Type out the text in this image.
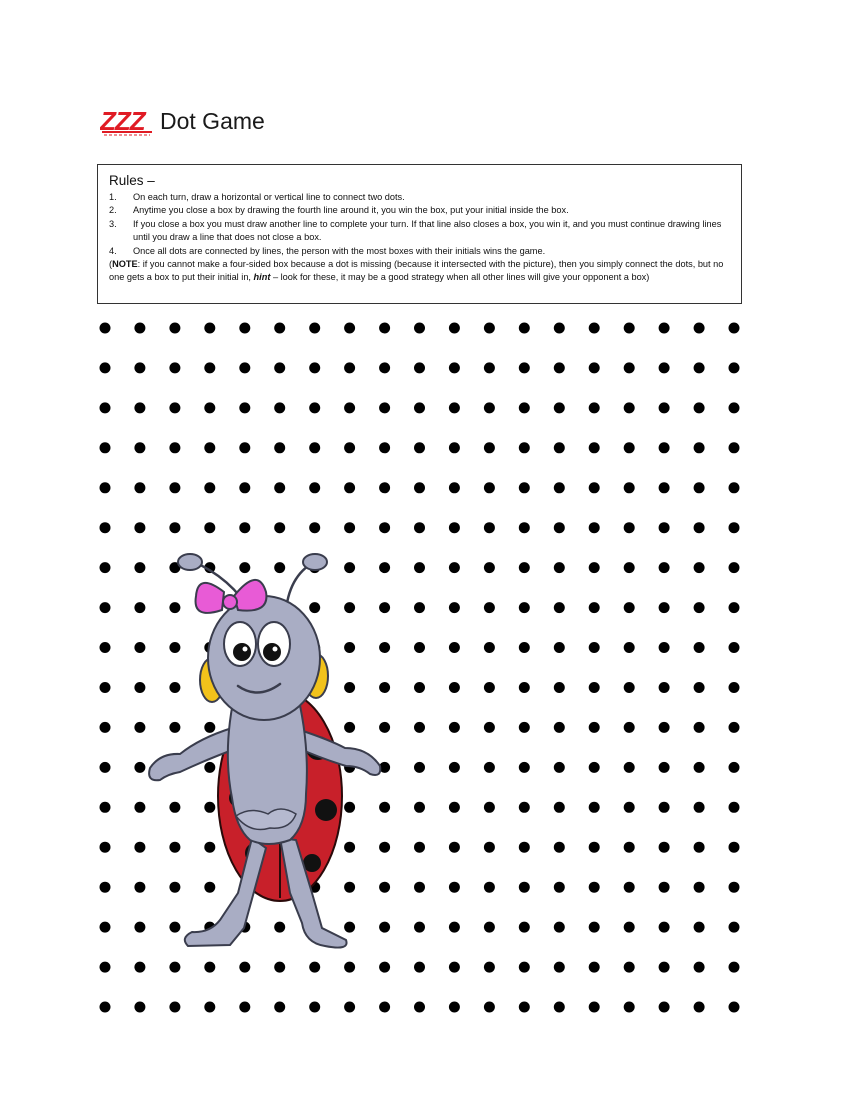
ZZZ Dot Game
Rules –
1.	On each turn, draw a horizontal or vertical line to connect two dots.
2.	Anytime you close a box by drawing the fourth line around it, you win the box, put your initial inside the box.
3.	If you close a box you must draw another line to complete your turn. If that line also closes a box, you win it, and you must continue drawing lines until you draw a line that does not close a box.
4.	Once all dots are connected by lines, the person with the most boxes with their initials wins the game.

(NOTE: if you cannot make a four-sided box because a dot is missing (because it intersected with the picture), then you simply connect the dots, but no one gets a box to put their initial in, hint – look for these, it may be a good strategy when all other lines will give your opponent a box)
